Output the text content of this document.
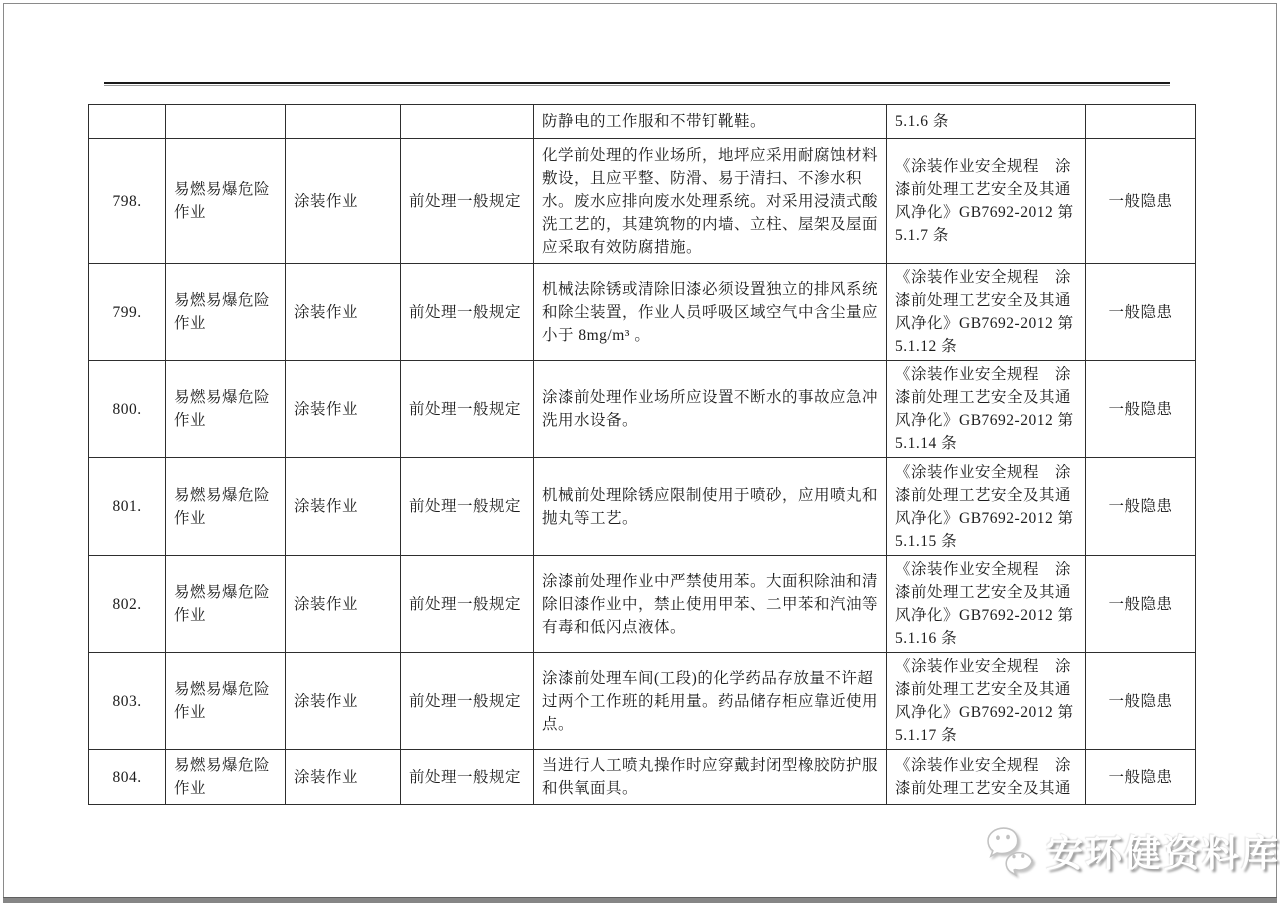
				防静电的工作服和不带钉靴鞋。	5.1.6 条	
798.	易燃易爆危险作业	涂装作业	前处理一般规定	化学前处理的作业场所，地坪应采用耐腐蚀材料敷设，且应平整、防滑、易于清扫、不渗水积水。废水应排向废水处理系统。对采用浸渍式酸洗工艺的，其建筑物的内墙、立柱、屋架及屋面应采取有效防腐措施。	《涂装作业安全规程　涂漆前处理工艺安全及其通风净化》GB7692-2012 第 5.1.7 条	一般隐患
799.	易燃易爆危险作业	涂装作业	前处理一般规定	机械法除锈或清除旧漆必须设置独立的排风系统和除尘装置，作业人员呼吸区域空气中含尘量应小于 8mg/m³ 。	《涂装作业安全规程　涂漆前处理工艺安全及其通风净化》GB7692-2012 第 5.1.12 条	一般隐患
800.	易燃易爆危险作业	涂装作业	前处理一般规定	涂漆前处理作业场所应设置不断水的事故应急冲洗用水设备。	《涂装作业安全规程　涂漆前处理工艺安全及其通风净化》GB7692-2012 第 5.1.14 条	一般隐患
801.	易燃易爆危险作业	涂装作业	前处理一般规定	机械前处理除锈应限制使用于喷砂，应用喷丸和抛丸等工艺。	《涂装作业安全规程　涂漆前处理工艺安全及其通风净化》GB7692-2012 第 5.1.15 条	一般隐患
802.	易燃易爆危险作业	涂装作业	前处理一般规定	涂漆前处理作业中严禁使用苯。大面积除油和清除旧漆作业中，禁止使用甲苯、二甲苯和汽油等有毒和低闪点液体。	《涂装作业安全规程　涂漆前处理工艺安全及其通风净化》GB7692-2012 第 5.1.16 条	一般隐患
803.	易燃易爆危险作业	涂装作业	前处理一般规定	涂漆前处理车间(工段)的化学药品存放量不许超过两个工作班的耗用量。药品储存柜应靠近使用点。	《涂装作业安全规程　涂漆前处理工艺安全及其通风净化》GB7692-2012 第 5.1.17 条	一般隐患
804.	易燃易爆危险作业	涂装作业	前处理一般规定	当进行人工喷丸操作时应穿戴封闭型橡胶防护服和供氧面具。	《涂装作业安全规程　涂漆前处理工艺安全及其通	一般隐患
安环健资料库
